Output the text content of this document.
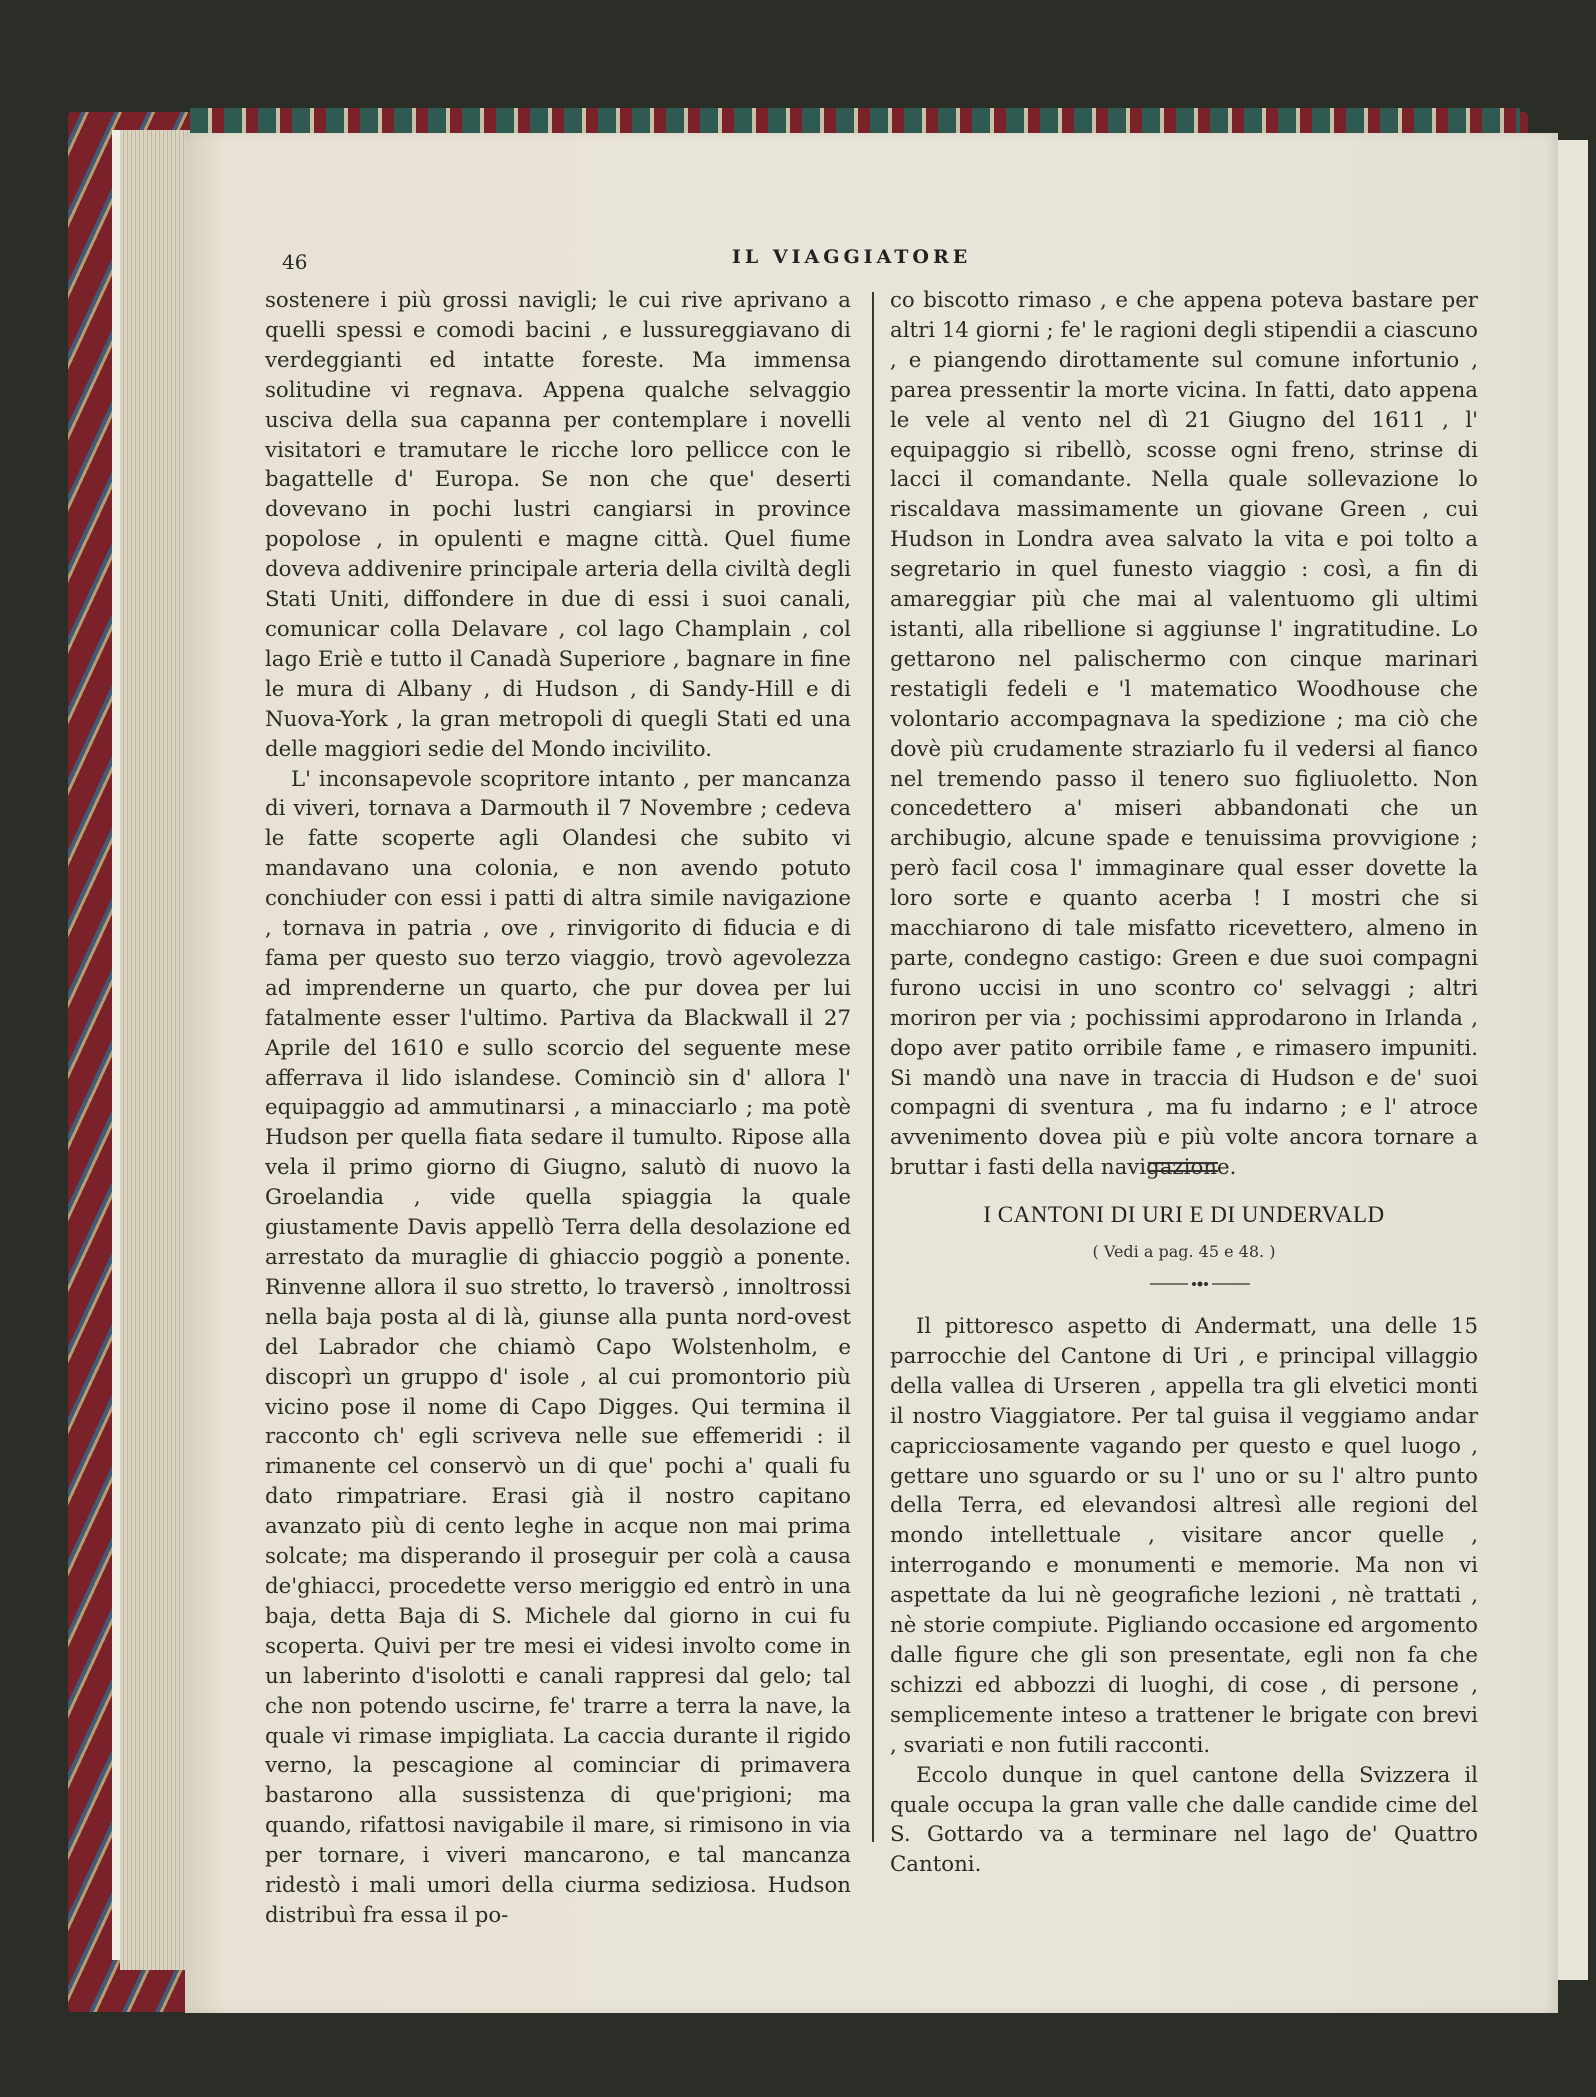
46	IL VIAGGIATORE

sostenere i più grossi navigli; le cui rive aprivano a quelli spessi e comodi bacini , e lussureggiavano di verdeggianti ed intatte foreste. Ma immensa solitudine vi regnava. Appena qualche selvaggio usciva della sua capanna per contemplare i novelli visitatori e tramutare le ricche loro pellicce con le bagattelle d' Europa. Se non che que' deserti dovevano in pochi lustri cangiarsi in province popolose , in opulenti e magne città. Quel fiume doveva addivenire principale arteria della civiltà degli Stati Uniti, diffondere in due di essi i suoi canali, comunicar colla Delavare , col lago Champlain , col lago Eriè e tutto il Canadà Superiore , bagnare in fine le mura di Albany , di Hudson , di Sandy-Hill e di Nuova-York , la gran metropoli di quegli Stati ed una delle maggiori sedie del Mondo incivilito.

L' inconsapevole scopritore intanto , per mancanza di viveri, tornava a Darmouth il 7 Novembre ; cedeva le fatte scoperte agli Olandesi che subito vi mandavano una colonia, e non avendo potuto conchiuder con essi i patti di altra simile navigazione , tornava in patria , ove , rinvigorito di fiducia e di fama per questo suo terzo viaggio, trovò agevolezza ad imprenderne un quarto, che pur dovea per lui fatalmente esser l'ultimo. Partiva da Blackwall il 27 Aprile del 1610 e sullo scorcio del seguente mese afferrava il lido islandese. Cominciò sin d' allora l' equipaggio ad ammutinarsi , a minacciarlo ; ma potè Hudson per quella fiata sedare il tumulto. Ripose alla vela il primo giorno di Giugno, salutò di nuovo la Groelandia , vide quella spiaggia la quale giustamente Davis appellò Terra della desolazione ed arrestato da muraglie di ghiaccio poggiò a ponente. Rinvenne allora il suo stretto, lo traversò , innoltrossi nella baja posta al di là, giunse alla punta nord-ovest del Labrador che chiamò Capo Wolstenholm, e discoprì un gruppo d' isole , al cui promontorio più vicino pose il nome di Capo Digges. Qui termina il racconto ch' egli scriveva nelle sue effemeridi : il rimanente cel conservò un di que' pochi a' quali fu dato rimpatriare. Erasi già il nostro capitano avanzato più di cento leghe in acque non mai prima solcate; ma disperando il proseguir per colà a causa de'ghiacci, procedette verso meriggio ed entrò in una baja, detta Baja di S. Michele dal giorno in cui fu scoperta. Quivi per tre mesi ei videsi involto come in un laberinto d'isolotti e canali rappresi dal gelo; tal che non potendo uscirne, fe' trarre a terra la nave, la quale vi rimase impigliata. La caccia durante il rigido verno, la pescagione al cominciar di primavera bastarono alla sussistenza di que'prigioni; ma quando, rifattosi navigabile il mare, si rimisono in via per tornare, i viveri mancarono, e tal mancanza ridestò i mali umori della ciurma sediziosa. Hudson distribuì fra essa il po-

co biscotto rimaso , e che appena poteva bastare per altri 14 giorni ; fe' le ragioni degli stipendii a ciascuno , e piangendo dirottamente sul comune infortunio , parea pressentir la morte vicina. In fatti, dato appena le vele al vento nel dì 21 Giugno del 1611 , l' equipaggio si ribellò, scosse ogni freno, strinse di lacci il comandante. Nella quale sollevazione lo riscaldava massimamente un giovane Green , cui Hudson in Londra avea salvato la vita e poi tolto a segretario in quel funesto viaggio : così, a fin di amareggiar più che mai al valentuomo gli ultimi istanti, alla ribellione si aggiunse l' ingratitudine. Lo gettarono nel palischermo con cinque marinari restatigli fedeli e 'l matematico Woodhouse che volontario accompagnava la spedizione ; ma ciò che dovè più crudamente straziarlo fu il vedersi al fianco nel tremendo passo il tenero suo figliuoletto. Non concedettero a' miseri abbandonati che un archibugio, alcune spade e tenuissima provvigione ; però facil cosa l' immaginare qual esser dovette la loro sorte e quanto acerba ! I mostri che si macchiarono di tale misfatto ricevettero, almeno in parte, condegno castigo: Green e due suoi compagni furono uccisi in uno scontro co' selvaggi ; altri moriron per via ; pochissimi approdarono in Irlanda , dopo aver patito orribile fame , e rimasero impuniti. Si mandò una nave in traccia di Hudson e de' suoi compagni di sventura , ma fu indarno ; e l' atroce avvenimento dovea più e più volte ancora tornare a bruttar i fasti della navigazione.

I CANTONI DI URI E DI UNDERVALD
( Vedi a pag. 45 e 48. )

Il pittoresco aspetto di Andermatt, una delle 15 parrocchie del Cantone di Uri , e principal villaggio della vallea di Urseren , appella tra gli elvetici monti il nostro Viaggiatore. Per tal guisa il veggiamo andar capricciosamente vagando per questo e quel luogo , gettare uno sguardo or su l' uno or su l' altro punto della Terra, ed elevandosi altresì alle regioni del mondo intellettuale , visitare ancor quelle , interrogando e monumenti e memorie. Ma non vi aspettate da lui nè geografiche lezioni , nè trattati , nè storie compiute. Pigliando occasione ed argomento dalle figure che gli son presentate, egli non fa che schizzi ed abbozzi di luoghi, di cose , di persone , semplicemente inteso a trattener le brigate con brevi , svariati e non futili racconti.

Eccolo dunque in quel cantone della Svizzera il quale occupa la gran valle che dalle candide cime del S. Gottardo va a terminare nel lago de' Quattro Cantoni.
